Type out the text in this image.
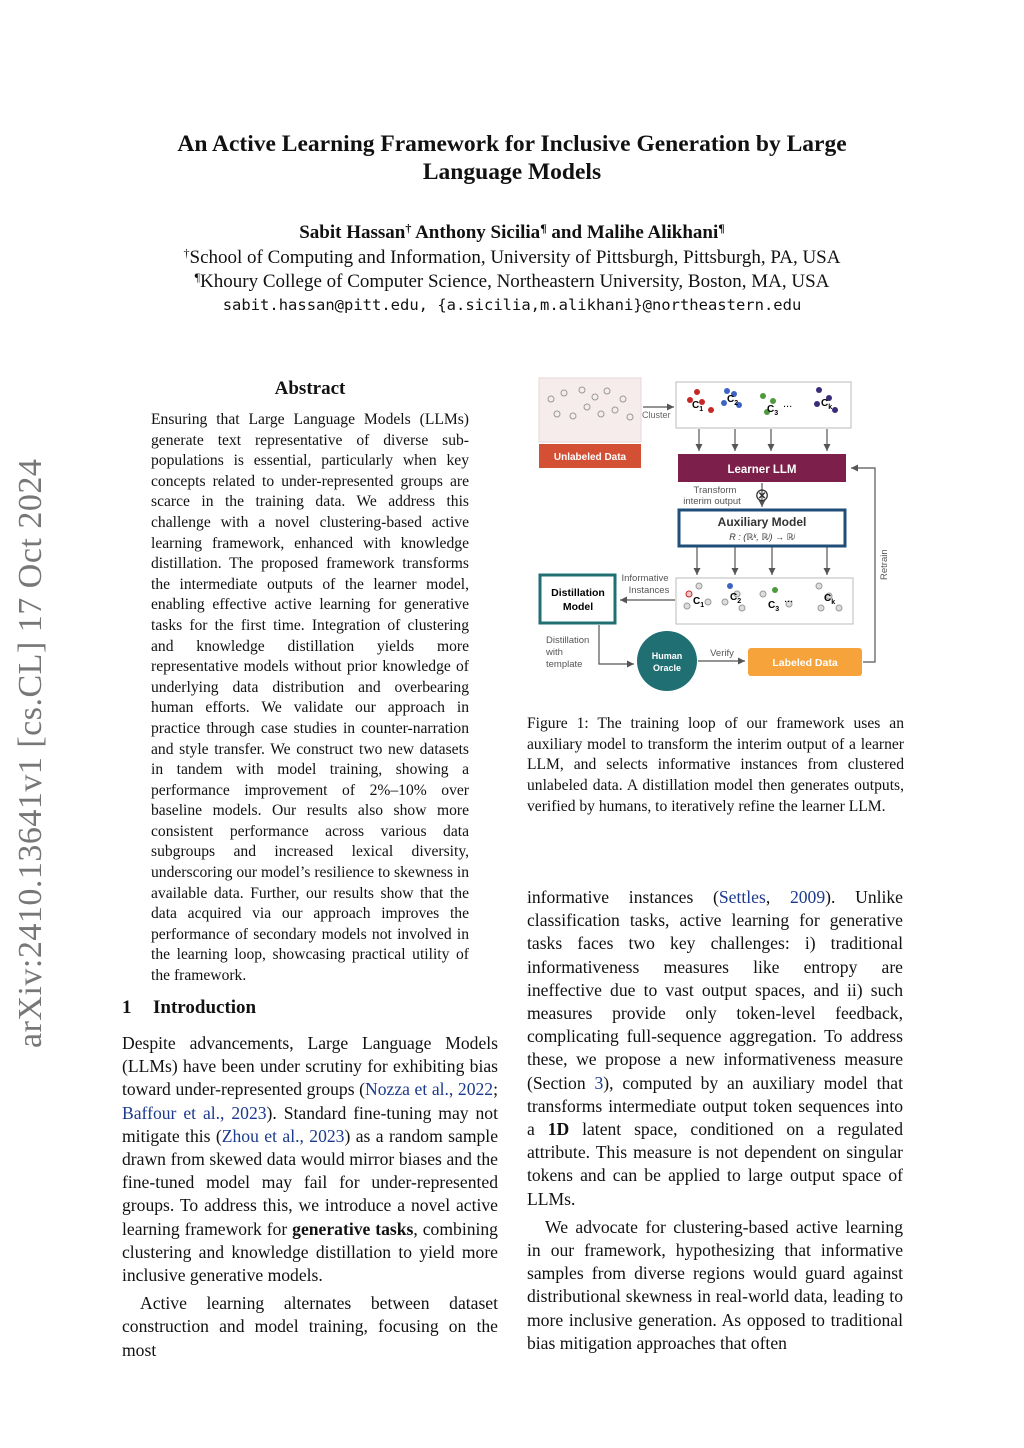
An Active Learning Framework for Inclusive Generation by Large
Language Models
Sabit Hassan† Anthony Sicilia¶ and Malihe Alikhani¶
†School of Computing and Information, University of Pittsburgh, Pittsburgh, PA, USA
¶Khoury College of Computer Science, Northeastern University, Boston, MA, USA
sabit.hassan@pitt.edu, {a.sicilia,m.alikhani}@northeastern.edu
arXiv:2410.13641v1 [cs.CL] 17 Oct 2024
Abstract
Ensuring that Large Language Models (LLMs) generate text representative of diverse sub-populations is essential, particularly when key concepts related to under-represented groups are scarce in the training data. We address this challenge with a novel clustering-based active learning framework, enhanced with knowledge distillation. The proposed framework transforms the intermediate outputs of the learner model, enabling effective active learning for generative tasks for the first time. Integration of clustering and knowledge distillation yields more representative models without prior knowledge of underlying data distribution and overbearing human efforts. We validate our approach in practice through case studies in counter-narration and style transfer. We construct two new datasets in tandem with model training, showing a performance improvement of 2%–10% over baseline models. Our results also show more consistent performance across various data subgroups and increased lexical diversity, underscoring our model’s resilience to skewness in available data. Further, our results show that the data acquired via our approach improves the performance of secondary models not involved in the learning loop, showcasing practical utility of the framework.
1 Introduction

Despite advancements, Large Language Models (LLMs) have been under scrutiny for exhibiting bias toward under-represented groups (Nozza et al., 2022; Baffour et al., 2023). Standard fine-tuning may not mitigate this (Zhou et al., 2023) as a random sample drawn from skewed data would mirror biases and the fine-tuned model may fail for under-represented groups. To address this, we introduce a novel active learning framework for generative tasks, combining clustering and knowledge distillation to yield more inclusive generative models.

Active learning alternates between dataset construction and model training, focusing on the most

informative instances (Settles, 2009). Unlike classification tasks, active learning for generative tasks faces two key challenges: i) traditional informativeness measures like entropy are ineffective due to vast output spaces, and ii) such measures provide only token-level feedback, complicating full-sequence aggregation. To address these, we propose a new informativeness measure (Section 3), computed by an auxiliary model that transforms intermediate output token sequences into a 1D latent space, conditioned on a regulated attribute. This measure is not dependent on singular tokens and can be applied to large output space of LLMs.

We advocate for clustering-based active learning in our framework, hypothesizing that informative samples from diverse regions would guard against distributional skewness in real-world data, leading to more inclusive generation. As opposed to traditional bias mitigation approaches that often

Unlabeled Data
Cluster
$C_1$
$C_2$
$C_3$
...	$C_k$
Learner LLM
Transform
interim output ⊗
Auxiliary Model
R : (ℝᵏ, ℝʲ) → ℝʲ
Informative
Instances
$C_1$
$C_2$	$C_3$
...	$C_k$
Distillation
Model
Distillation
with
template
Human
Oracle
Verify
Labeled Data
Retrain
Figure 1: The training loop of our framework uses an auxiliary model to transform the interim output of a learner LLM, and selects informative instances from clustered unlabeled data. A distillation model then generates outputs, verified by humans, to iteratively refine the learner LLM.
